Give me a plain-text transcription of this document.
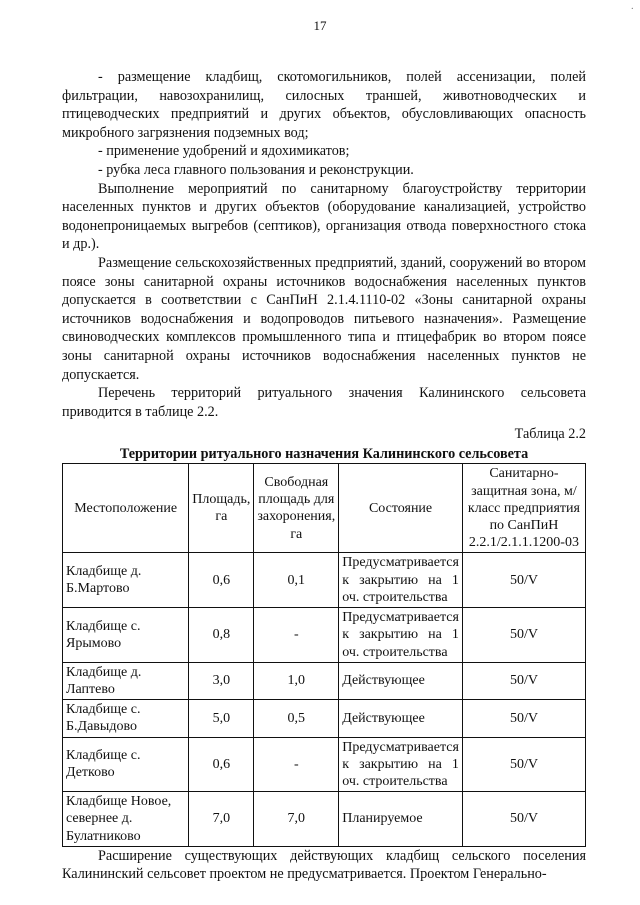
17
·

- размещение кладбищ, скотомогильников, полей ассенизации, полей фильтрации, навозохранилищ, силосных траншей, животноводческих и птицеводческих предприятий и других объектов, обусловливающих опасность микробного загрязнения подземных вод;

- применение удобрений и ядохимикатов;

- рубка леса главного пользования и реконструкции.

Выполнение мероприятий по санитарному благоустройству территории населенных пунктов и других объектов (оборудование канализацией, устройство водонепроницаемых выгребов (септиков), организация отвода поверхностного стока и др.).

Размещение сельскохозяйственных предприятий, зданий, сооружений во втором поясе зоны санитарной охраны источников водоснабжения населенных пунктов допускается в соответствии с СанПиН 2.1.4.1110-02 «Зоны санитарной охраны источников водоснабжения и водопроводов питьевого назначения». Размещение свиноводческих комплексов промышленного типа и птицефабрик во втором поясе зоны санитарной охраны источников водоснабжения населенных пунктов не допускается.

Перечень территорий ритуального значения Калининского сельсовета приводится в таблице 2.2.

Таблица 2.2
Территории ритуального назначения Калининского сельсовета
Местоположение	Площадь, га	Свободная площадь для захоронения, га	Состояние	Санитарно-защитная зона, м/класс предприятия по СанПиН 2.2.1/2.1.1.1200-03
Кладбище д. Б.Мартово	0,6	0,1	Предусматривается к закрытию на 1 оч. строительства	50/V
Кладбище с. Ярымово	0,8	-	Предусматривается к закрытию на 1 оч. строительства	50/V
Кладбище д. Лаптево	3,0	1,0	Действующее	50/V
Кладбище с. Б.Давыдово	5,0	0,5	Действующее	50/V
Кладбище с. Детково	0,6	-	Предусматривается к закрытию на 1 оч. строительства	50/V
Кладбище Новое, севернее д. Булатниково	7,0	7,0	Планируемое	50/V

Расширение существующих действующих кладбищ сельского поселения Калининский сельсовет проектом не предусматривается. Проектом Генерально-
